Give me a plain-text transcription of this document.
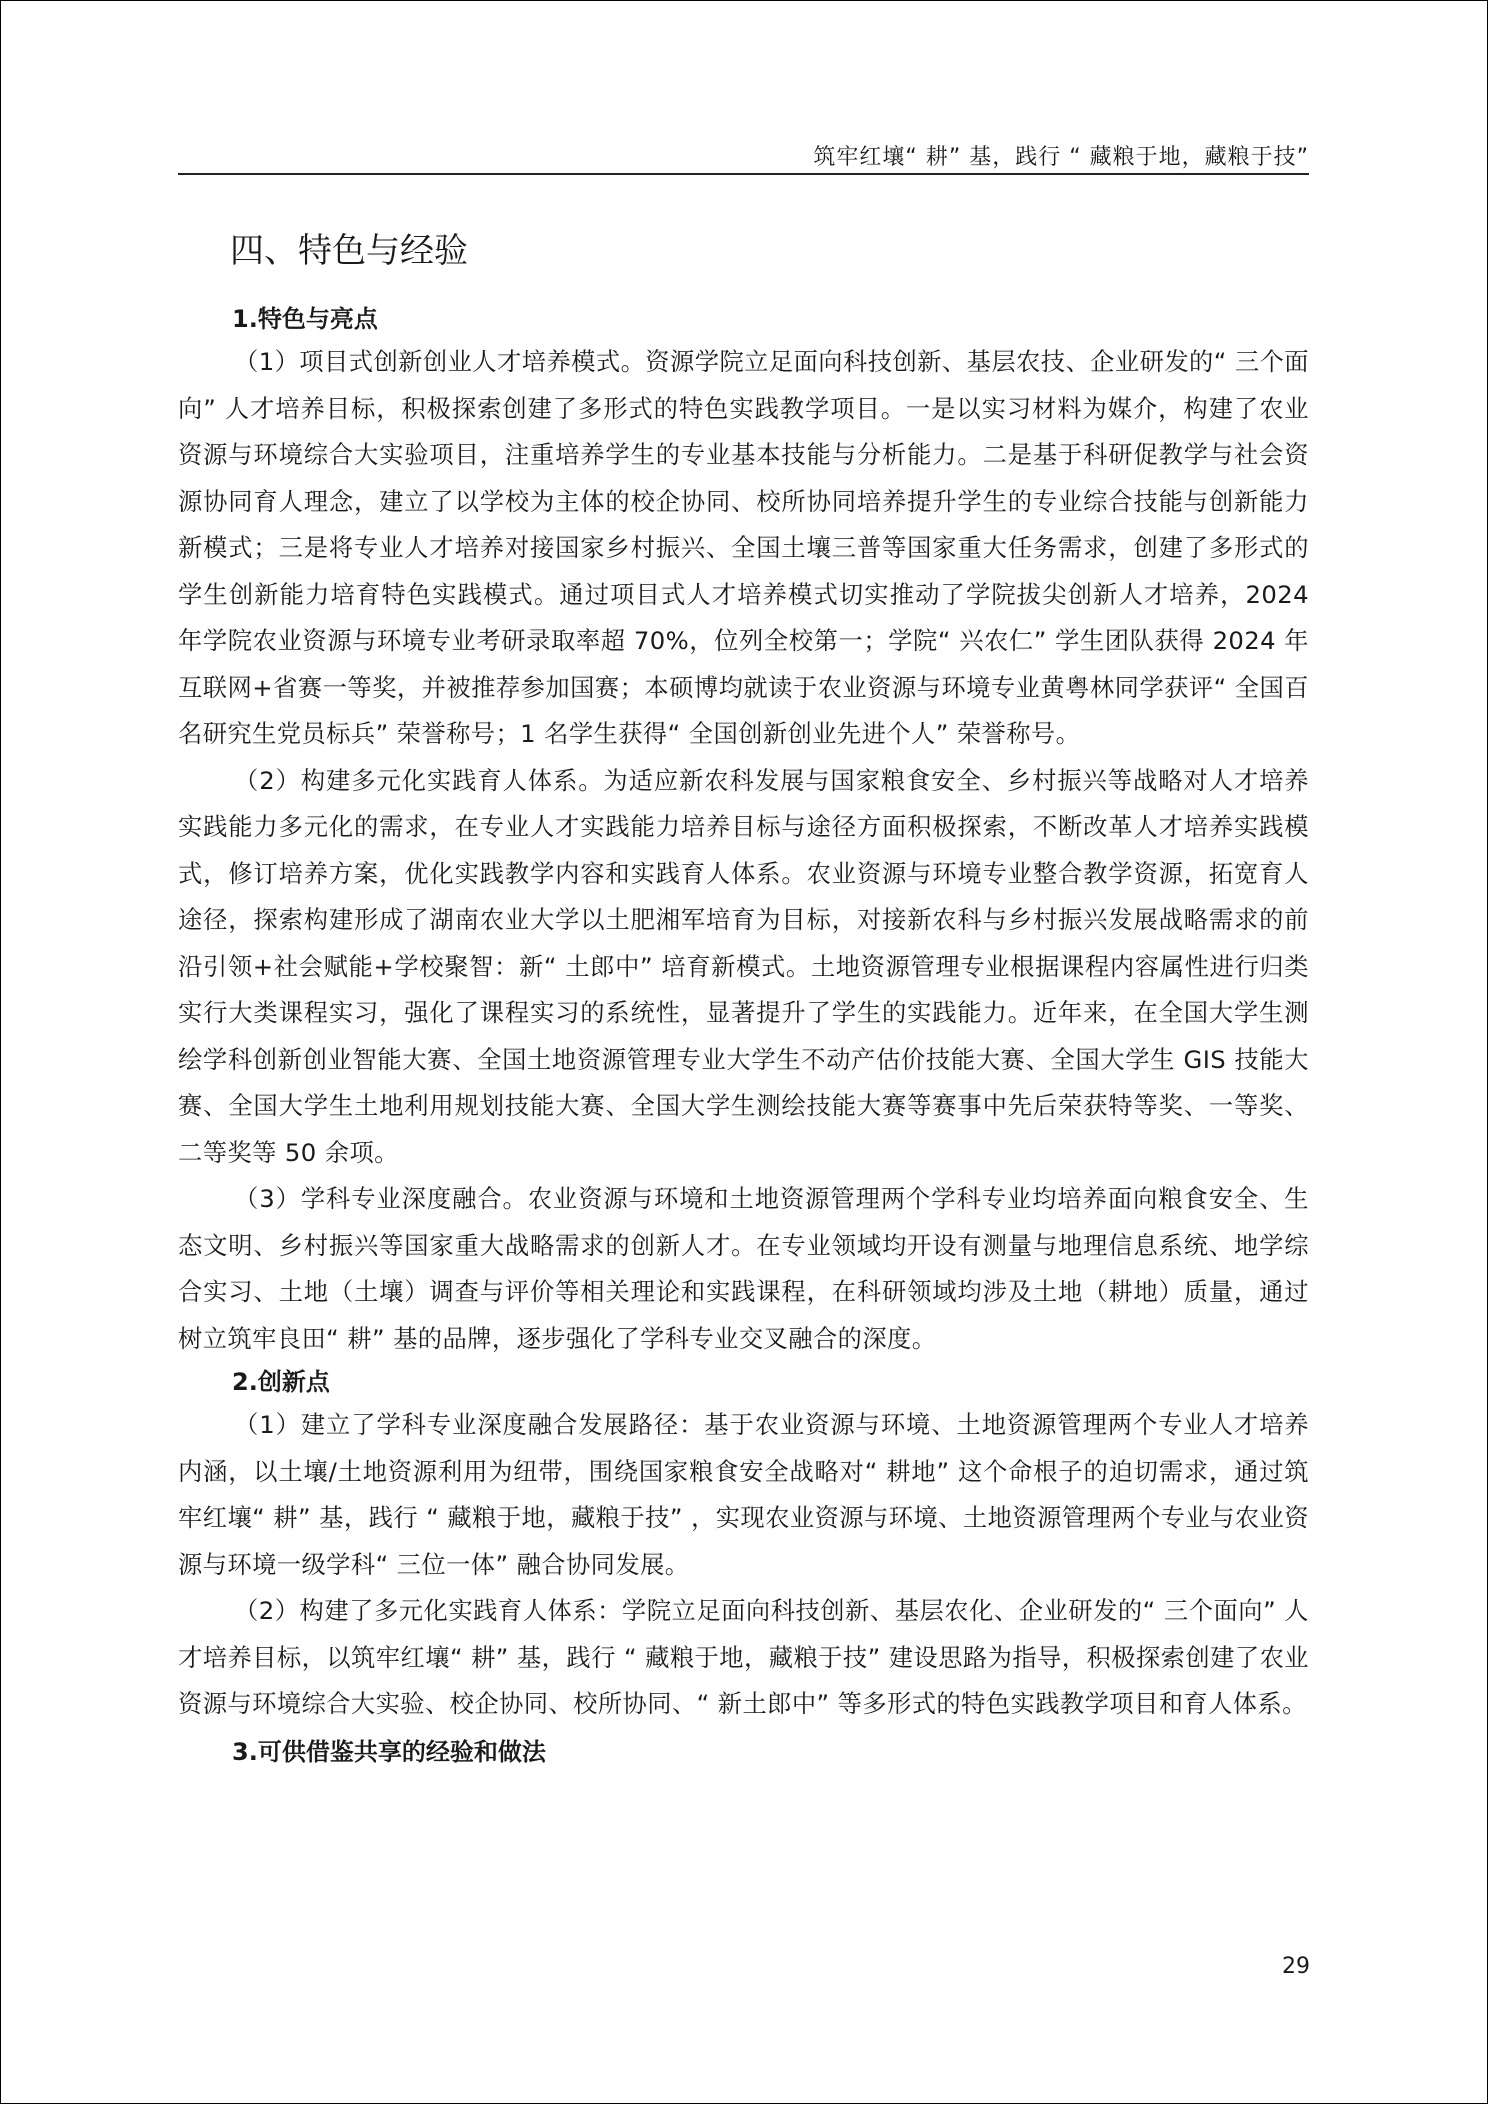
筑牢红壤“ 耕” 基，践行 “ 藏粮于地，藏粮于技”
四、特色与经验
1.特色与亮点

（1）项目式创新创业人才培养模式。资源学院立足面向科技创新、基层农技、企业研发的“ 三个面向” 人才培养目标，积极探索创建了多形式的特色实践教学项目。一是以实习材料为媒介，构建了农业资源与环境综合大实验项目，注重培养学生的专业基本技能与分析能力。二是基于科研促教学与社会资源协同育人理念，建立了以学校为主体的校企协同、校所协同培养提升学生的专业综合技能与创新能力新模式；三是将专业人才培养对接国家乡村振兴、全国土壤三普等国家重大任务需求，创建了多形式的学生创新能力培育特色实践模式。通过项目式人才培养模式切实推动了学院拔尖创新人才培养，2024 年学院农业资源与环境专业考研录取率超 70%，位列全校第一；学院“ 兴农仁” 学生团队获得 2024 年互联网+省赛一等奖，并被推荐参加国赛；本硕博均就读于农业资源与环境专业黄粤林同学获评“ 全国百名研究生党员标兵” 荣誉称号；1 名学生获得“ 全国创新创业先进个人” 荣誉称号。

（2）构建多元化实践育人体系。为适应新农科发展与国家粮食安全、乡村振兴等战略对人才培养实践能力多元化的需求，在专业人才实践能力培养目标与途径方面积极探索，不断改革人才培养实践模式，修订培养方案，优化实践教学内容和实践育人体系。农业资源与环境专业整合教学资源，拓宽育人途径，探索构建形成了湖南农业大学以土肥湘军培育为目标，对接新农科与乡村振兴发展战略需求的前沿引领+社会赋能+学校聚智：新“ 土郎中” 培育新模式。土地资源管理专业根据课程内容属性进行归类实行大类课程实习，强化了课程实习的系统性，显著提升了学生的实践能力。近年来，在全国大学生测绘学科创新创业智能大赛、全国土地资源管理专业大学生不动产估价技能大赛、全国大学生 GIS 技能大赛、全国大学生土地利用规划技能大赛、全国大学生测绘技能大赛等赛事中先后荣获特等奖、一等奖、二等奖等 50 余项。

（3）学科专业深度融合。农业资源与环境和土地资源管理两个学科专业均培养面向粮食安全、生态文明、乡村振兴等国家重大战略需求的创新人才。在专业领域均开设有测量与地理信息系统、地学综合实习、土地（土壤）调查与评价等相关理论和实践课程，在科研领域均涉及土地（耕地）质量，通过树立筑牢良田“ 耕” 基的品牌，逐步强化了学科专业交叉融合的深度。

2.创新点

（1）建立了学科专业深度融合发展路径：基于农业资源与环境、土地资源管理两个专业人才培养内涵，以土壤/土地资源利用为纽带，围绕国家粮食安全战略对“ 耕地” 这个命根子的迫切需求，通过筑牢红壤“ 耕” 基，践行 “ 藏粮于地，藏粮于技” ，实现农业资源与环境、土地资源管理两个专业与农业资源与环境一级学科“ 三位一体” 融合协同发展。

（2）构建了多元化实践育人体系：学院立足面向科技创新、基层农化、企业研发的“ 三个面向” 人才培养目标，以筑牢红壤“ 耕” 基，践行 “ 藏粮于地，藏粮于技” 建设思路为指导，积极探索创建了农业资源与环境综合大实验、校企协同、校所协同、“ 新土郎中” 等多形式的特色实践教学项目和育人体系。

3.可供借鉴共享的经验和做法
29
